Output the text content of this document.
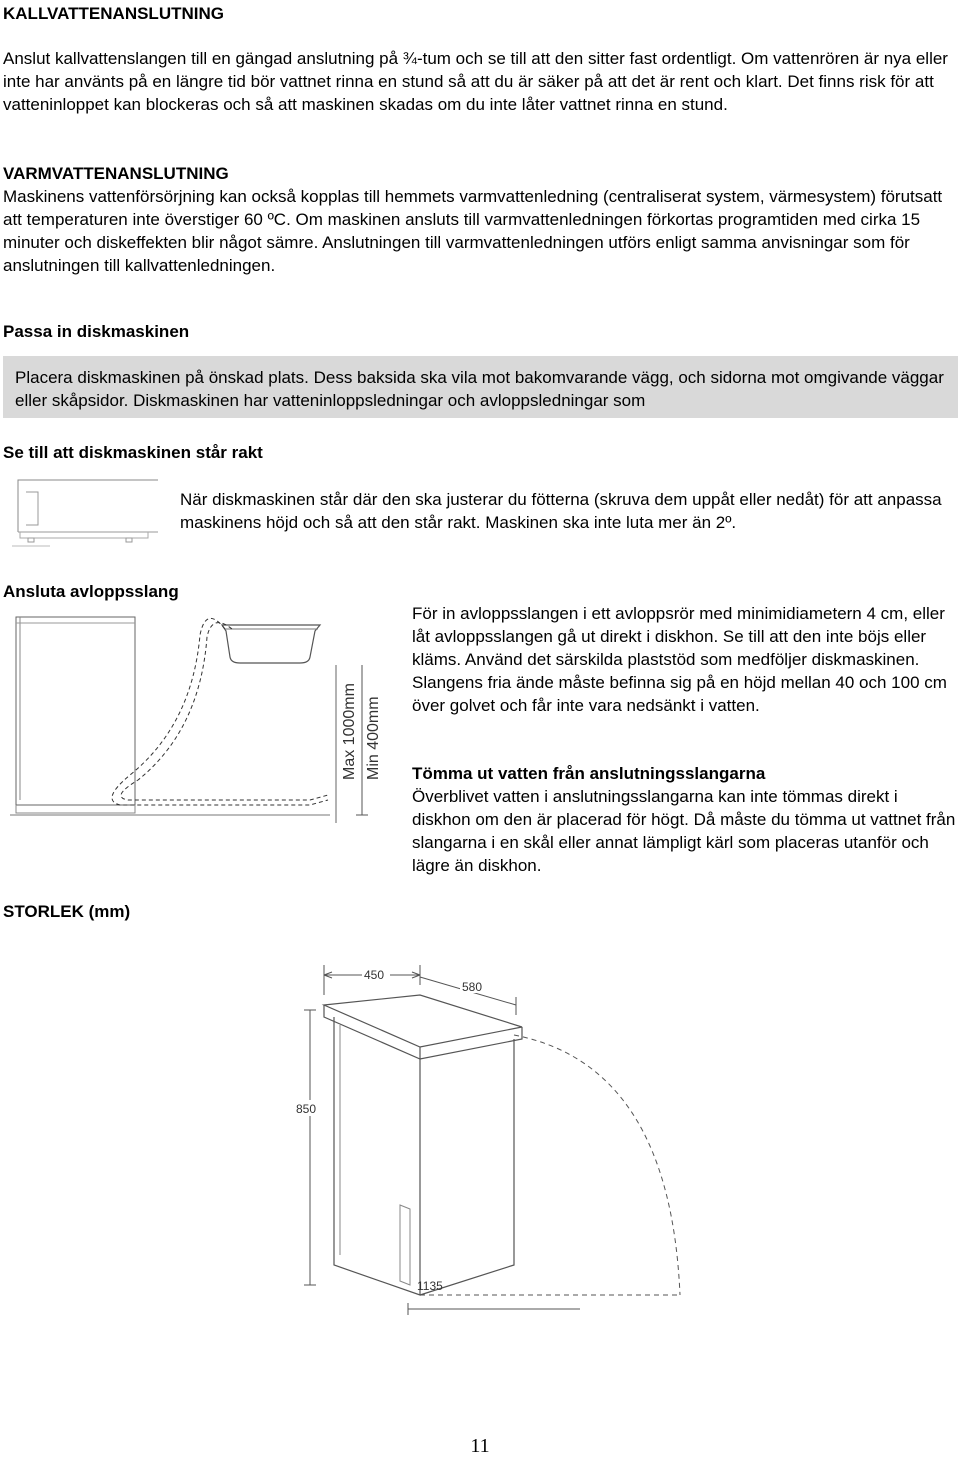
KALLVATTENANSLUTNING

Anslut kallvattenslangen till en gängad anslutning på ¾-tum och se till att den sitter fast ordentligt. Om vattenrören är nya eller inte har använts på en längre tid bör vattnet rinna en stund så att du är säker på att det är rent och klart. Det finns risk för att vatteninloppet kan blockeras och så att maskinen skadas om du inte låter vattnet rinna en stund.

VARMVATTENANSLUTNING

Maskinens vattenförsörjning kan också kopplas till hemmets varmvattenledning (centraliserat system, värmesystem) förutsatt att temperaturen inte överstiger 60 ºC. Om maskinen ansluts till varmvattenledningen förkortas programtiden med cirka 15 minuter och diskeffekten blir något sämre. Anslutningen till varmvattenledningen utförs enligt samma anvisningar som för anslutningen till kallvattenledningen.

Passa in diskmaskinen

Placera diskmaskinen på önskad plats. Dess baksida ska vila mot bakomvarande vägg, och sidorna mot omgivande väggar eller skåpsidor. Diskmaskinen har vatteninloppsledningar och avloppsledningar som

Se till att diskmaskinen står rakt

När diskmaskinen står där den ska justerar du fötterna (skruva dem uppåt eller nedåt) för att anpassa maskinens höjd och så att den står rakt. Maskinen ska inte luta mer än 2º.

Ansluta avloppsslang

Max 1000mm Min 400mm

För in avloppsslangen i ett avloppsrör med minimidiametern 4 cm, eller låt avloppsslangen gå ut direkt i diskhon. Se till att den inte böjs eller kläms. Använd det särskilda plaststöd som medföljer diskmaskinen. Slangens fria ände måste befinna sig på en höjd mellan 40 och 100 cm över golvet och får inte vara nedsänkt i vatten.

Tömma ut vatten från anslutningsslangarna

Överblivet vatten i anslutningsslangarna kan inte tömmas direkt i diskhon om den är placerad för högt. Då måste du tömma ut vattnet från slangarna i en skål eller annat lämpligt kärl som placeras utanför och lägre än diskhon.

STORLEK (mm)

450
580
850

1135

11
